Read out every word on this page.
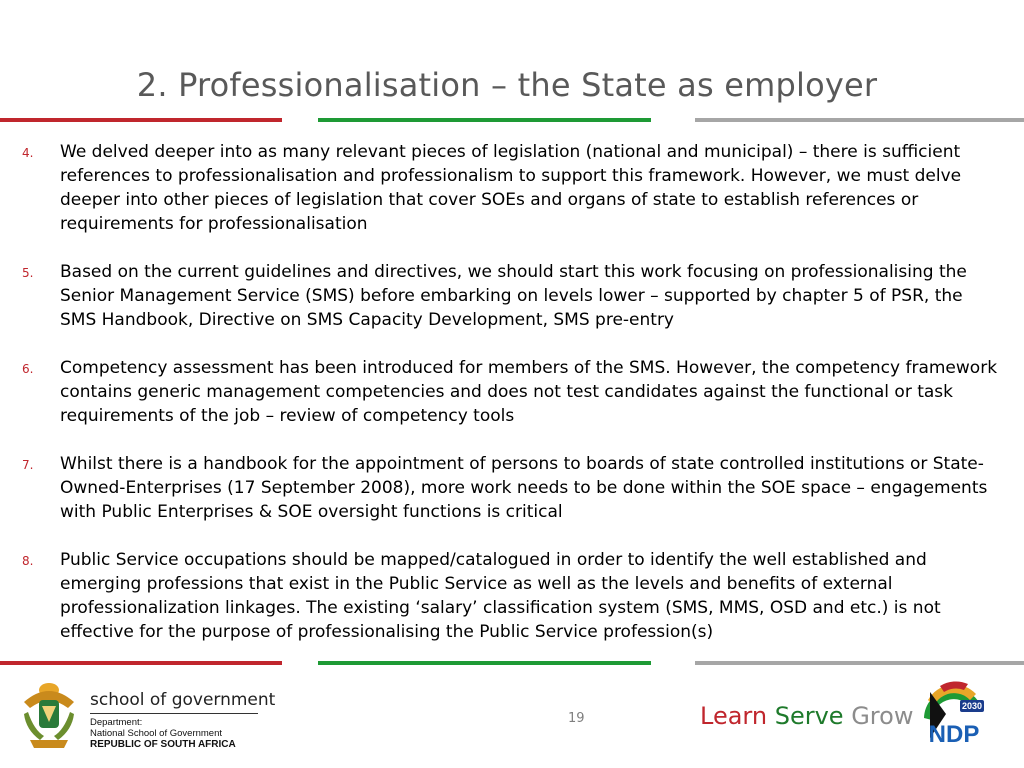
2. Professionalisation – the State as employer
4. We delved deeper into as many relevant pieces of legislation (national and municipal) – there is sufficient references to professionalisation and professionalism to support this framework. However, we must delve deeper into other pieces of legislation that cover SOEs and organs of state to establish references or requirements for professionalisation
5. Based on the current guidelines and directives, we should start this work focusing on professionalising the Senior Management Service (SMS) before embarking on levels lower – supported by chapter 5 of PSR, the SMS Handbook, Directive on SMS Capacity Development, SMS pre-entry
6. Competency assessment has been introduced for members of the SMS. However, the competency framework contains generic management competencies and does not test candidates against the functional or task requirements of the job – review of competency tools
7. Whilst there is a handbook for the appointment of persons to boards of state controlled institutions or State-Owned-Enterprises (17 September 2008), more work needs to be done within the SOE space – engagements with Public Enterprises & SOE oversight functions is critical
8. Public Service occupations should be mapped/catalogued in order to identify the well established and emerging professions that exist in the Public Service as well as the levels and benefits of external professionalization linkages. The existing ‘salary’ classification system (SMS, MMS, OSD and etc.) is not effective for the purpose of professionalising the Public Service profession(s)
school of government
Department:
National School of Government
REPUBLIC OF SOUTH AFRICA
19	Learn Serve Grow	2030
NDP
